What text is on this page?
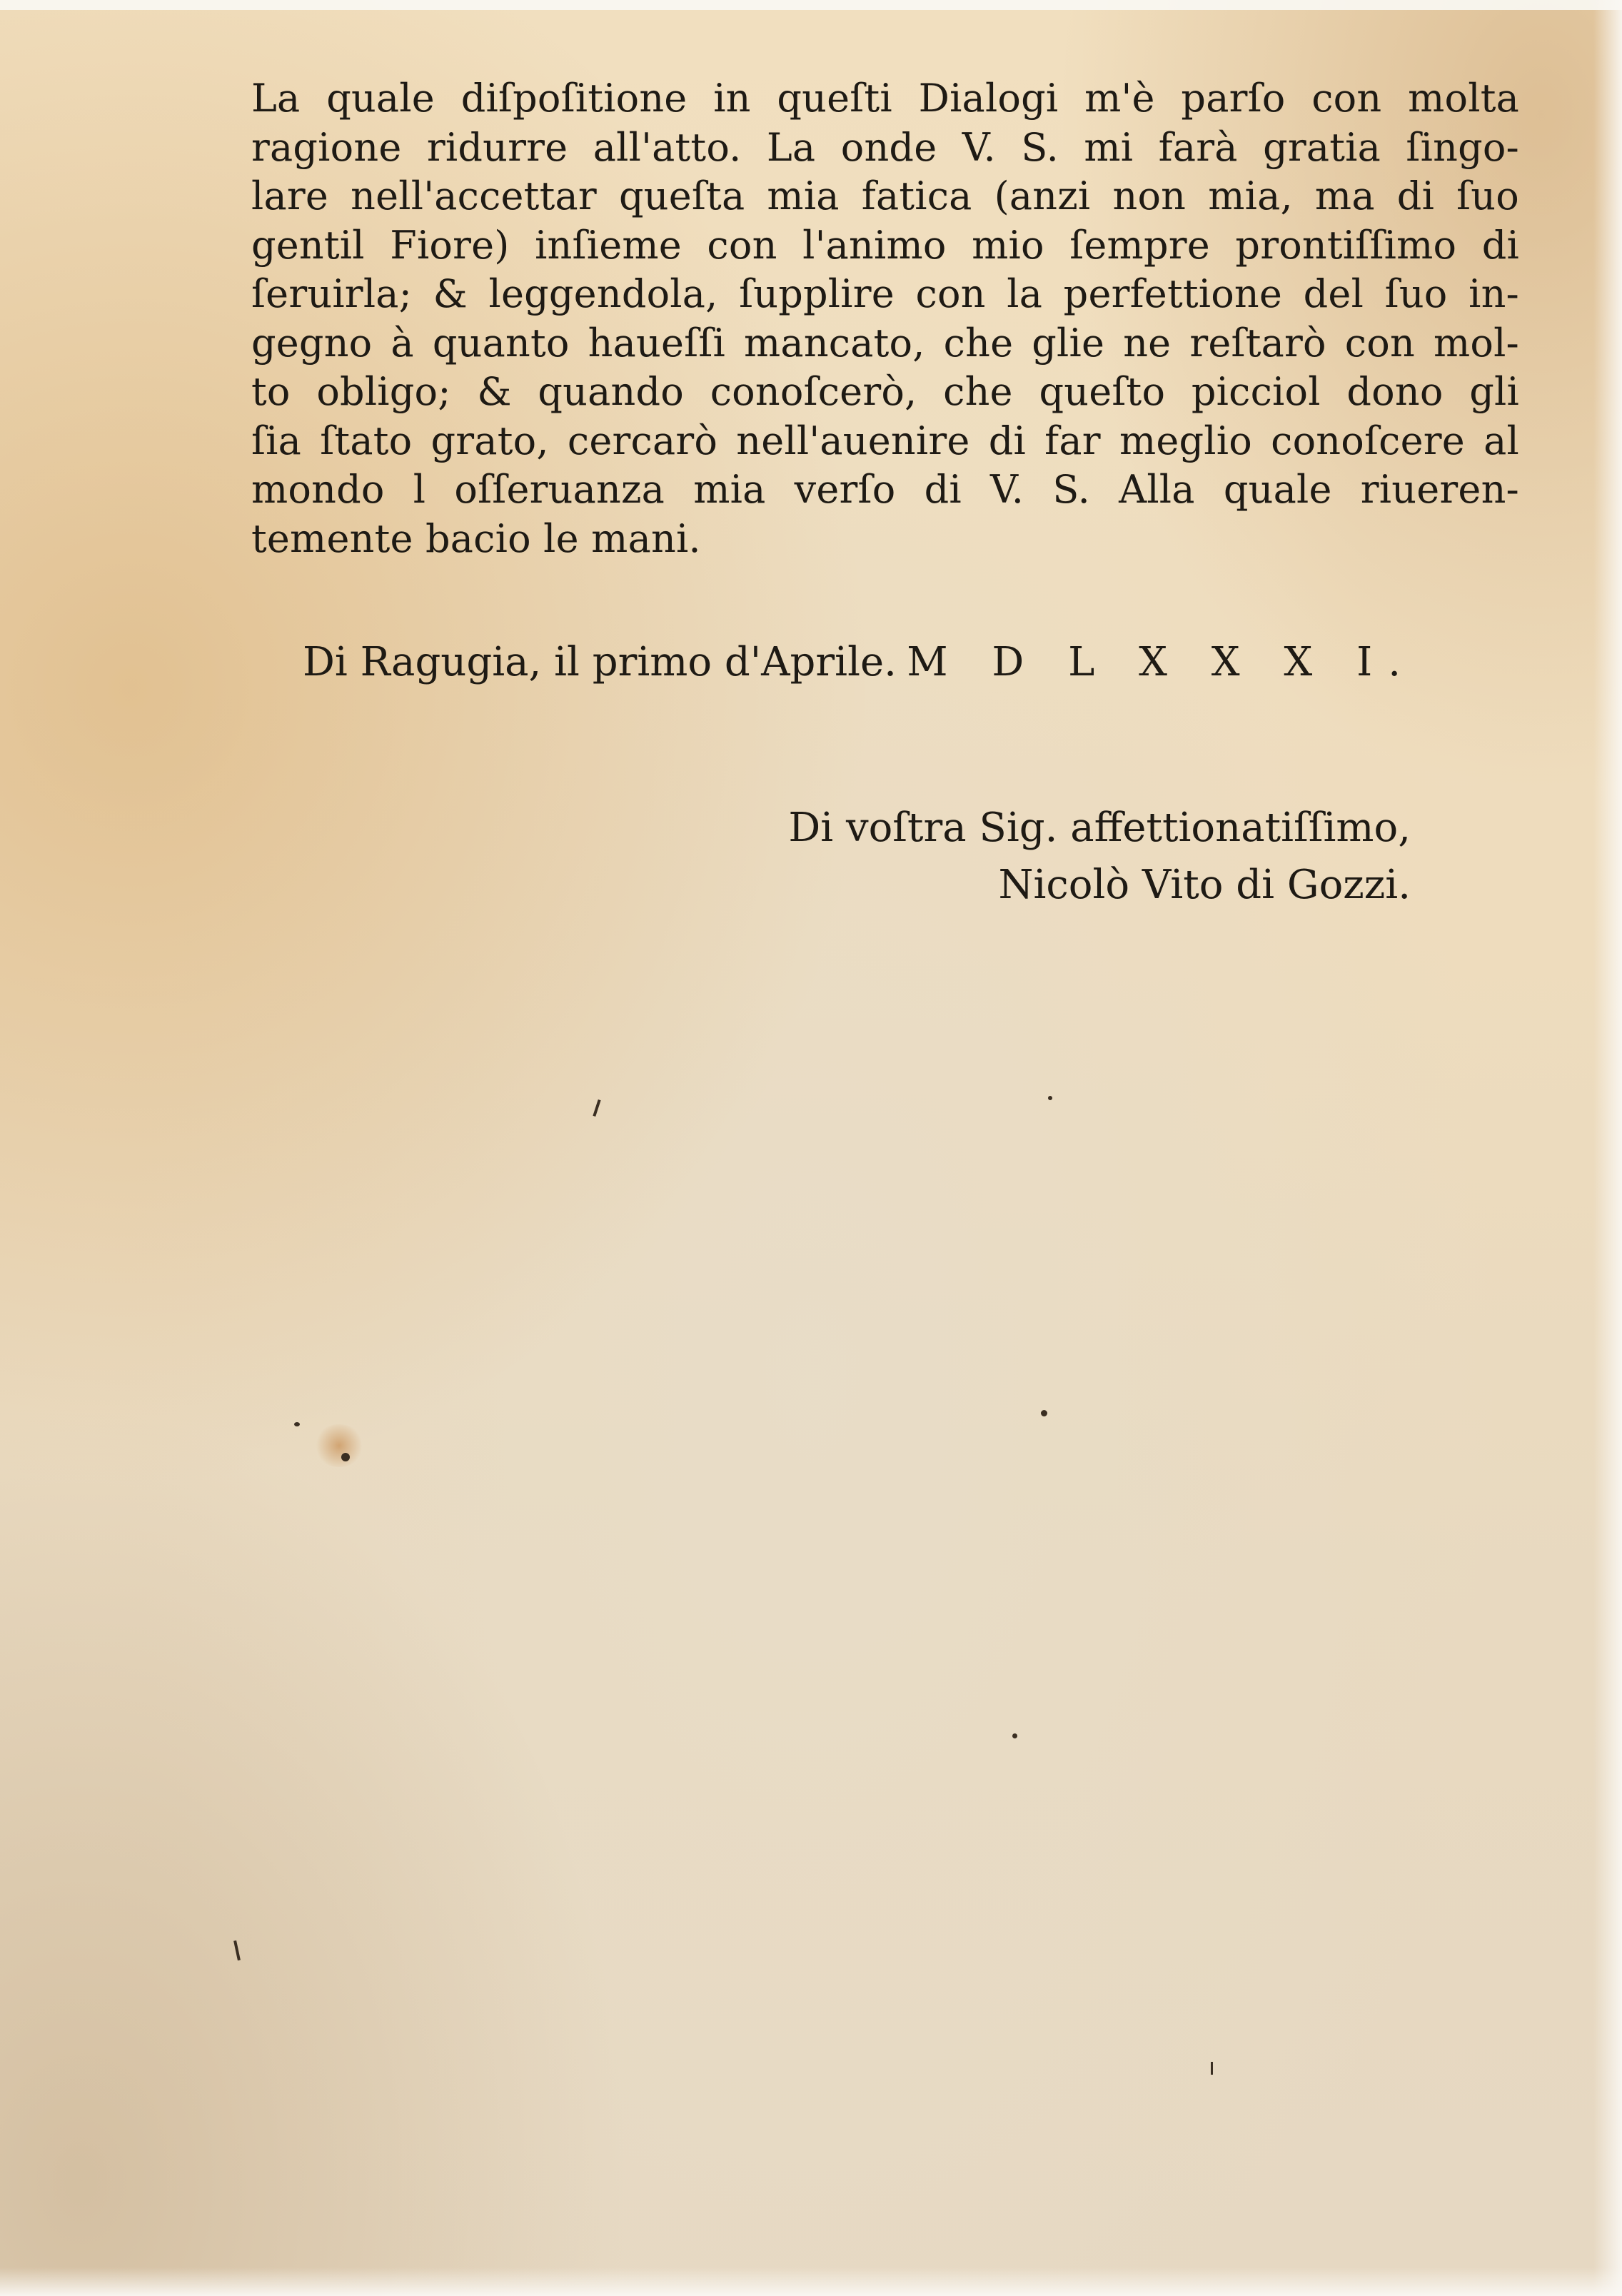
La quale diſpoſitione in queſti Dialogi m'è parſo con molta
ragione ridurre all'atto. La onde V. S. mi farà gratia ſingo-
lare nell'accettar queſta mia fatica (anzi non mia, ma di ſuo
gentil Fiore) inſieme con l'animo mio ſempre prontiſſimo di
ſeruirla; & leggendola, ſupplire con la perfettione del ſuo in-
gegno à quanto haueſſi mancato, che glie ne reſtarò con mol-
to obligo; & quando conoſcerò, che queſto picciol dono gli
ſia ſtato grato, cercarò nell'auenire di far meglio conoſcere al
mondo l oſſeruanza mia verſo di V. S. Alla quale riueren-
temente bacio le mani.
Di Ragugia, il primo d'Aprile. M D L X X X I.
Di voſtra Sig. affettionatiſſimo,
Nicolò Vito di Gozzi.
